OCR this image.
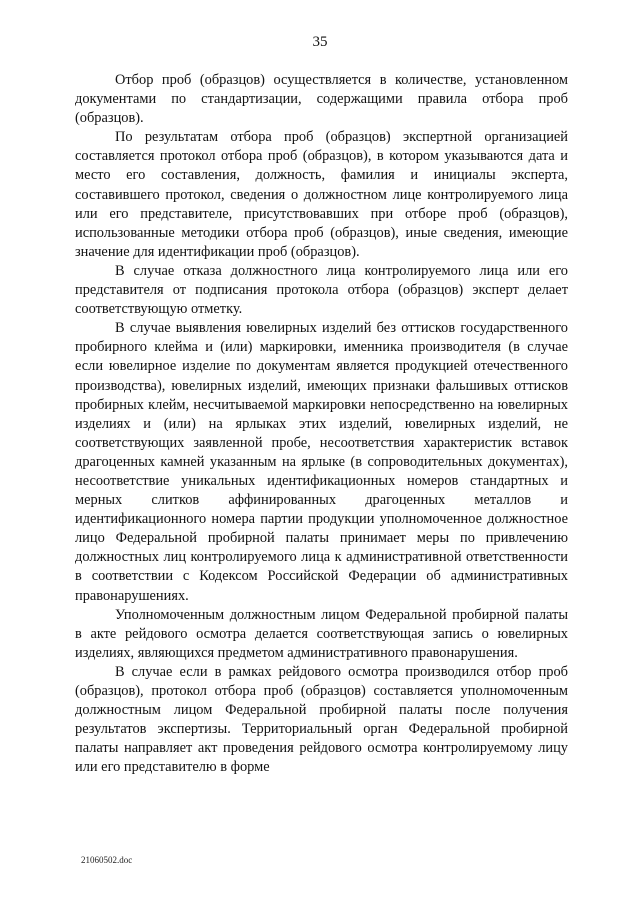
35

Отбор проб (образцов) осуществляется в количестве, установленном документами по стандартизации, содержащими правила отбора проб (образцов).

По результатам отбора проб (образцов) экспертной организацией составляется протокол отбора проб (образцов), в котором указываются дата и место его составления, должность, фамилия и инициалы эксперта, составившего протокол, сведения о должностном лице контролируемого лица или его представителе, присутствовавших при отборе проб (образцов), использованные методики отбора проб (образцов), иные сведения, имеющие значение для идентификации проб (образцов).

В случае отказа должностного лица контролируемого лица или его представителя от подписания протокола отбора (образцов) эксперт делает соответствующую отметку.

В случае выявления ювелирных изделий без оттисков государственного пробирного клейма и (или) маркировки, именника производителя (в случае если ювелирное изделие по документам является продукцией отечественного производства), ювелирных изделий, имеющих признаки фальшивых оттисков пробирных клейм, несчитываемой маркировки непосредственно на ювелирных изделиях и (или) на ярлыках этих изделий, ювелирных изделий, не соответствующих заявленной пробе, несоответствия характеристик вставок драгоценных камней указанным на ярлыке (в сопроводительных документах), несоответствие уникальных идентификационных номеров стандартных и мерных слитков аффинированных драгоценных металлов и идентификационного номера партии продукции уполномоченное должностное лицо Федеральной пробирной палаты принимает меры по привлечению должностных лиц контролируемого лица к административной ответственности в соответствии с Кодексом Российской Федерации об административных правонарушениях.

Уполномоченным должностным лицом Федеральной пробирной палаты в акте рейдового осмотра делается соответствующая запись о ювелирных изделиях, являющихся предметом административного правонарушения.

В случае если в рамках рейдового осмотра производился отбор проб (образцов), протокол отбора проб (образцов) составляется уполномоченным должностным лицом Федеральной пробирной палаты после получения результатов экспертизы. Территориальный орган Федеральной пробирной палаты направляет акт проведения рейдового осмотра контролируемому лицу или его представителю в форме

21060502.doc
